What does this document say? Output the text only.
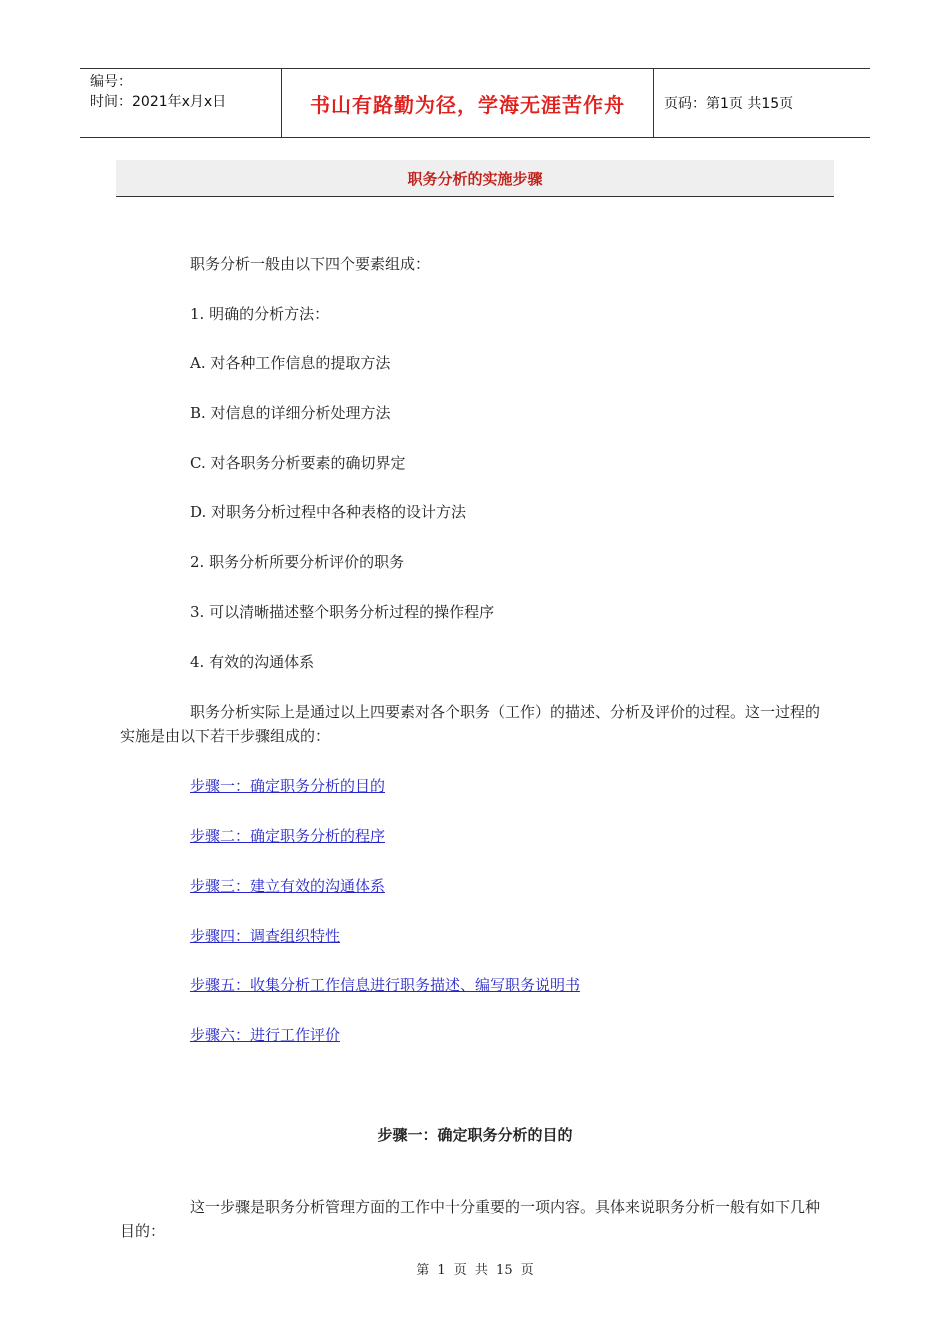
编号：
时间：2021年x月x日	书山有路勤为径，学海无涯苦作舟	页码：第1页 共15页
职务分析的实施步骤
职务分析一般由以下四个要素组成：
1. 明确的分析方法：
A. 对各种工作信息的提取方法
B. 对信息的详细分析处理方法
C. 对各职务分析要素的确切界定
D. 对职务分析过程中各种表格的设计方法
2. 职务分析所要分析评价的职务
3. 可以清晰描述整个职务分析过程的操作程序
4. 有效的沟通体系
职务分析实际上是通过以上四要素对各个职务（工作）的描述、分析及评价的过程。这一过程的实施是由以下若干步骤组成的：
步骤一：确定职务分析的目的
步骤二：确定职务分析的程序
步骤三：建立有效的沟通体系
步骤四：调查组织特性
步骤五：收集分析工作信息进行职务描述、编写职务说明书
步骤六：进行工作评价
步骤一：确定职务分析的目的
这一步骤是职务分析管理方面的工作中十分重要的一项内容。具体来说职务分析一般有如下几种目的：
第 1 页 共 15 页
